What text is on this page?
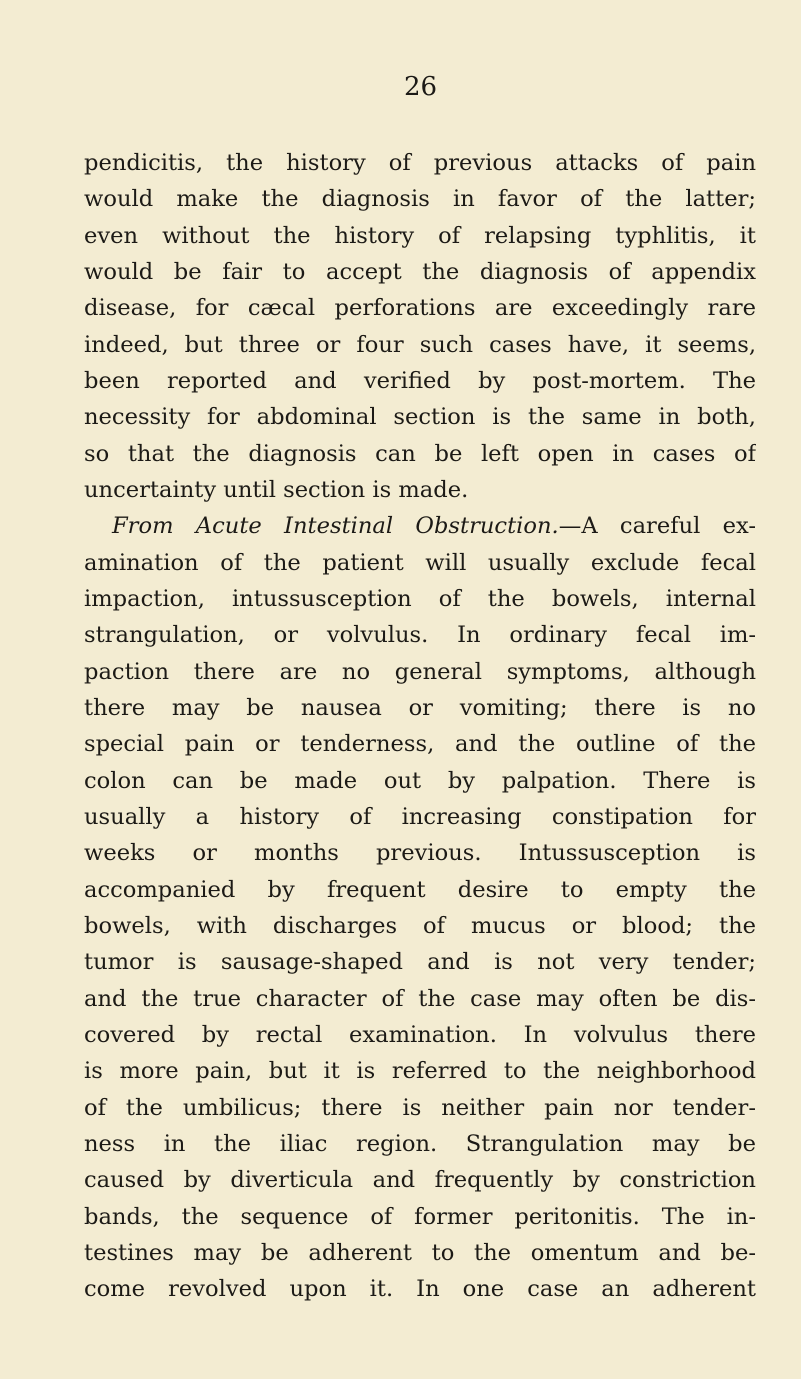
26
pendicitis, the history of previous attacks of pain
would make the diagnosis in favor of the latter;
even without the history of relapsing typhlitis, it
would be fair to accept the diagnosis of appendix
disease, for cæcal perforations are exceedingly rare
indeed, but three or four such cases have, it seems,
been reported and verified by post-mortem. The
necessity for abdominal section is the same in both,
so that the diagnosis can be left open in cases of
uncertainty until section is made.
From Acute Intestinal Obstruction.—A careful ex-
amination of the patient will usually exclude fecal
impaction, intussusception of the bowels, internal
strangulation, or volvulus. In ordinary fecal im-
paction there are no general symptoms, although
there may be nausea or vomiting; there is no
special pain or tenderness, and the outline of the
colon can be made out by palpation. There is
usually a history of increasing constipation for
weeks or months previous. Intussusception is
accompanied by frequent desire to empty the
bowels, with discharges of mucus or blood; the
tumor is sausage-shaped and is not very tender;
and the true character of the case may often be dis-
covered by rectal examination. In volvulus there
is more pain, but it is referred to the neighborhood
of the umbilicus; there is neither pain nor tender-
ness in the iliac region. Strangulation may be
caused by diverticula and frequently by constriction
bands, the sequence of former peritonitis. The in-
testines may be adherent to the omentum and be-
come revolved upon it. In one case an adherent
